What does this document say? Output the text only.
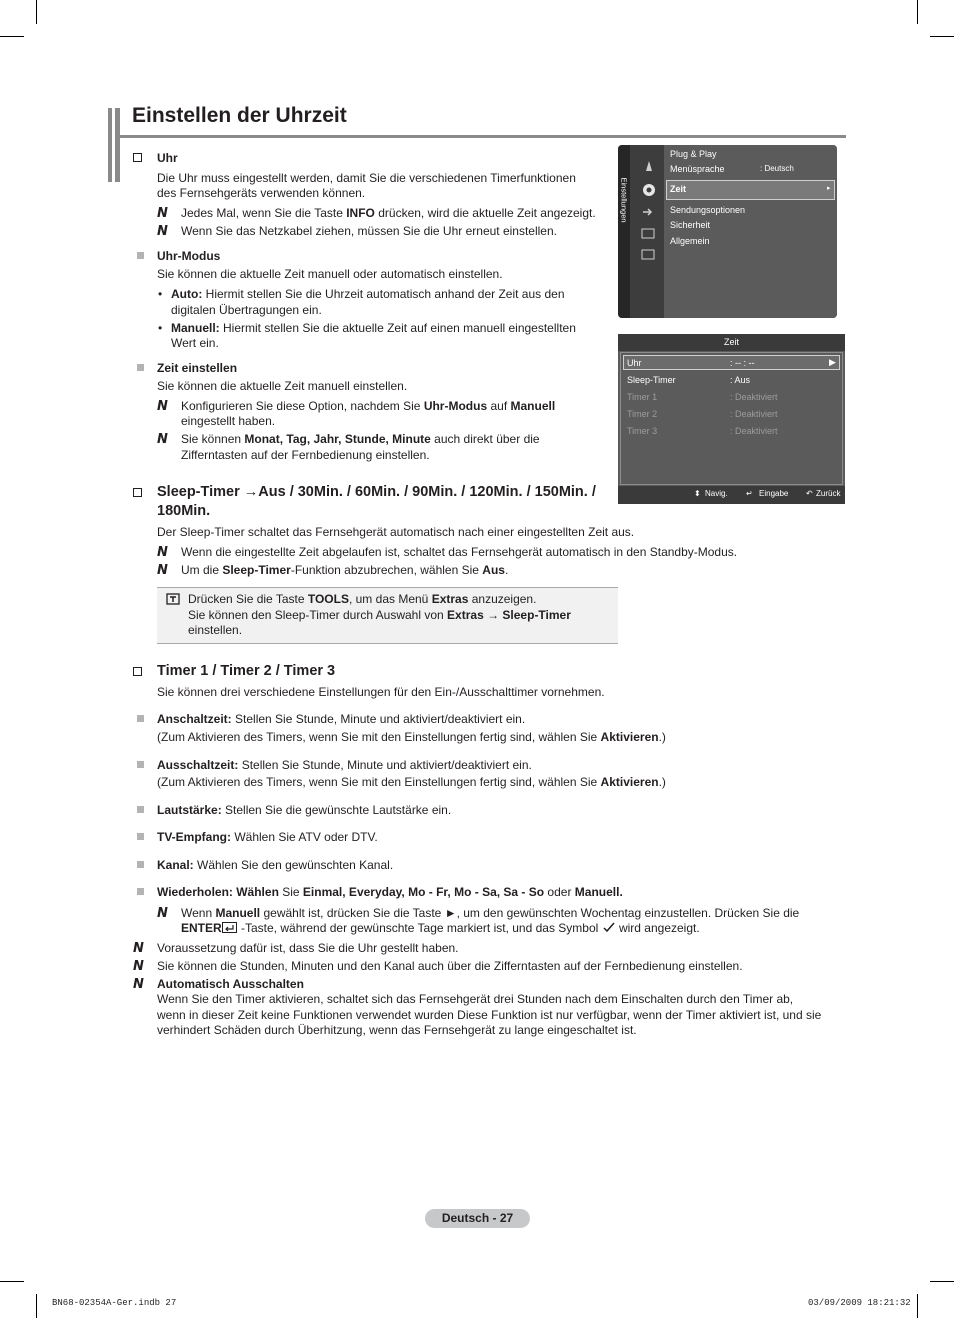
Einstellen der Uhrzeit
Uhr
Die Uhr muss eingestellt werden, damit Sie die verschiedenen Timerfunktionen
des Fernsehgeräts verwenden können.
N Jedes Mal, wenn Sie die Taste INFO drücken, wird die aktuelle Zeit angezeigt.
N Wenn Sie das Netzkabel ziehen, müssen Sie die Uhr erneut einstellen.
Uhr-Modus
Sie können die aktuelle Zeit manuell oder automatisch einstellen.
• Auto: Hiermit stellen Sie die Uhrzeit automatisch anhand der Zeit aus den
digitalen Übertragungen ein.
• Manuell: Hiermit stellen Sie die aktuelle Zeit auf einen manuell eingestellten
Wert ein.
Zeit einstellen
Sie können die aktuelle Zeit manuell einstellen.
N Konfigurieren Sie diese Option, nachdem Sie Uhr-Modus auf Manuell
eingestellt haben.
N Sie können Monat, Tag, Jahr, Stunde, Minute auch direkt über die
Zifferntasten auf der Fernbedienung einstellen.
Sleep-Timer →Aus / 30Min. / 60Min. / 90Min. / 120Min. / 150Min. /
180Min.
Der Sleep-Timer schaltet das Fernsehgerät automatisch nach einer eingestellten Zeit aus.
N Wenn die eingestellte Zeit abgelaufen ist, schaltet das Fernsehgerät automatisch in den Standby-Modus.
N Um die Sleep-Timer-Funktion abzubrechen, wählen Sie Aus.
Drücken Sie die Taste TOOLS, um das Menü Extras anzuzeigen.
Sie können den Sleep-Timer durch Auswahl von Extras → Sleep-Timer
einstellen.
Timer 1 / Timer 2 / Timer 3
Sie können drei verschiedene Einstellungen für den Ein-/Ausschalttimer vornehmen.
Anschaltzeit: Stellen Sie Stunde, Minute und aktiviert/deaktiviert ein.
(Zum Aktivieren des Timers, wenn Sie mit den Einstellungen fertig sind, wählen Sie Aktivieren.)
Ausschaltzeit: Stellen Sie Stunde, Minute und aktiviert/deaktiviert ein.
(Zum Aktivieren des Timers, wenn Sie mit den Einstellungen fertig sind, wählen Sie Aktivieren.)
Lautstärke: Stellen Sie die gewünschte Lautstärke ein.
TV-Empfang: Wählen Sie ATV oder DTV.
Kanal: Wählen Sie den gewünschten Kanal.
Wiederholen: Wählen Sie Einmal, Everyday, Mo - Fr, Mo - Sa, Sa - So oder Manuell.
N Wenn Manuell gewählt ist, drücken Sie die Taste ►, um den gewünschten Wochentag einzustellen. Drücken Sie die
ENTER -Taste, während der gewünschte Tage markiert ist, und das Symbol  wird angezeigt.
N Voraussetzung dafür ist, dass Sie die Uhr gestellt haben.
N Sie können die Stunden, Minuten und den Kanal auch über die Zifferntasten auf der Fernbedienung einstellen.
N Automatisch Ausschalten
Wenn Sie den Timer aktivieren, schaltet sich das Fernsehgerät drei Stunden nach dem Einschalten durch den Timer ab,
wenn in dieser Zeit keine Funktionen verwendet wurden Diese Funktion ist nur verfügbar, wenn der Timer aktiviert ist, und sie
verhindert Schäden durch Überhitzung, wenn das Fernsehgerät zu lange eingeschaltet ist.
Einstellungen
Plug & Play
Menüsprache	: Deutsch
Zeit	▸
Sendungsoptionen
Sicherheit
Allgemein
Zeit
Uhr	: -- : --	▶
Sleep-Timer	: Aus
Timer 1	: Deaktiviert
Timer 2	: Deaktiviert
Timer 3	: Deaktiviert
⬍ Navig. ↵ Eingabe ↶ Zurück
Deutsch - 27
BN68-02354A-Ger.indb 27	03/09/2009 18:21:32
